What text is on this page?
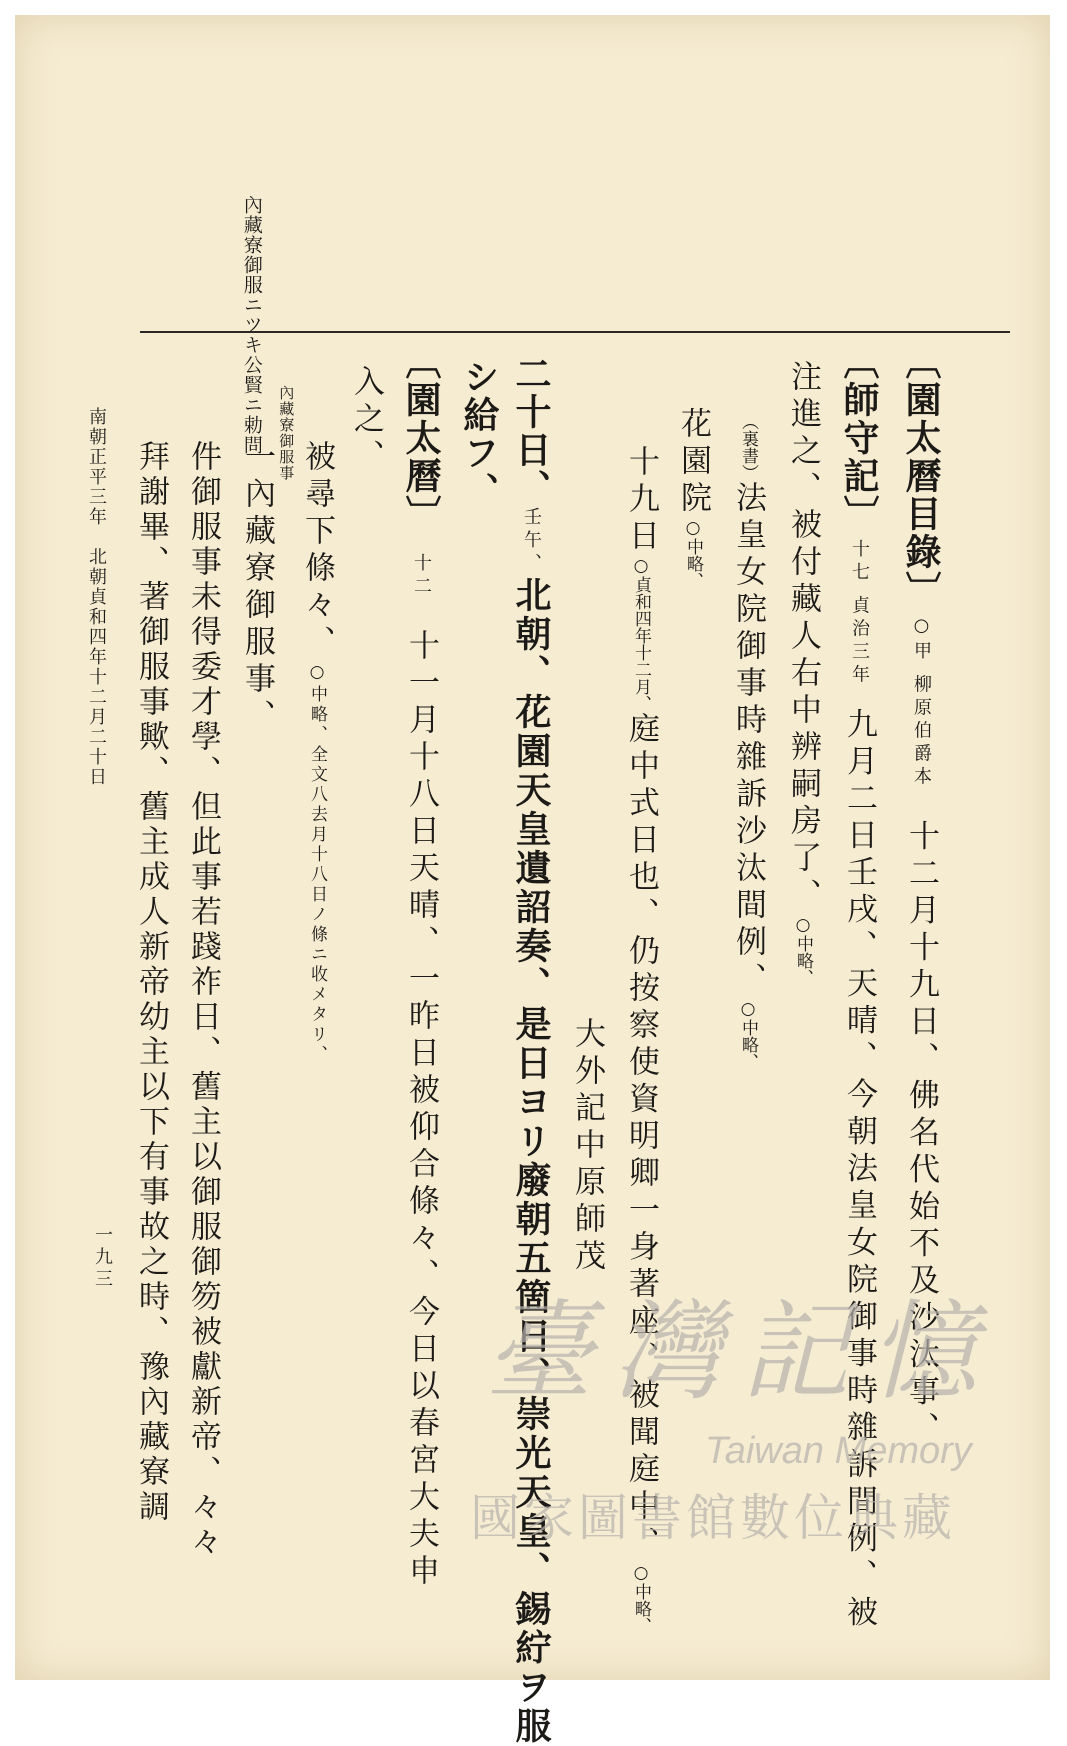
內藏寮御服ニツキ公賢ニ勅問
〔園太曆目錄〕○甲 柳原伯爵本十二月十九日、佛名代始不及沙汰事、
〔師守記〕十七 貞治三年九月二日壬戌、天晴、今朝法皇女院御事時雜訴間例、被
注進之、被付藏人右中辨嗣房了、○中略、
（裏書）法皇女院御事時雜訴沙汰間例、○中略、
花園院○中略、
十九日○貞和四年十二月、庭中式日也、仍按察使資明卿一身著座、被聞庭中、○中略、
大外記中原師茂
二十日、壬午、北朝、花園天皇遺詔奏、是日ヨリ廢朝五箇日、崇光天皇、錫紵ヲ服
シ給フ、
〔園太曆〕十二十一月十八日天晴、一昨日被仰合條々、今日以春宮大夫申
入之、
被尋下條々、○中略、全文八去月十八日ノ條ニ收メタリ、
內藏寮御服事
一內藏寮御服事、
件御服事未得委才學、但此事若踐祚日、舊主以御服御笏被獻新帝、々々
拜謝畢、著御服事歟、舊主成人新帝幼主以下有事故之時、豫內藏寮調
南朝正平三年　北朝貞和四年十二月二十日
一九三
臺灣記憶
Taiwan Memory
國家圖書館數位典藏
